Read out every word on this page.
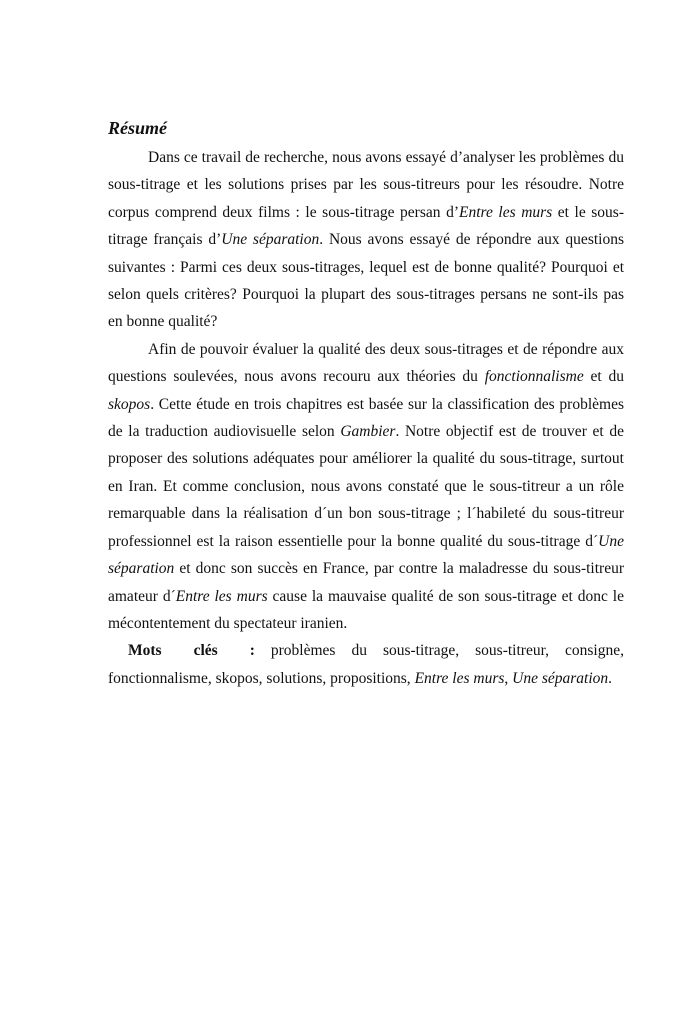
Résumé

Dans ce travail de recherche, nous avons essayé d’analyser les problèmes du sous-titrage et les solutions prises par les sous-titreurs pour les résoudre. Notre corpus comprend deux films : le sous-titrage persan d’Entre les murs et le sous-titrage français d’Une séparation. Nous avons essayé de répondre aux questions suivantes : Parmi ces deux sous-titrages, lequel est de bonne qualité? Pourquoi et selon quels critères? Pourquoi la plupart des sous-titrages persans ne sont-ils pas en bonne qualité?

Afin de pouvoir évaluer la qualité des deux sous-titrages et de répondre aux questions soulevées, nous avons recouru aux théories du fonctionnalisme et du skopos. Cette étude en trois chapitres est basée sur la classification des problèmes de la traduction audiovisuelle selon Gambier. Notre objectif est de trouver et de proposer des solutions adéquates pour améliorer la qualité du sous-titrage, surtout en Iran. Et comme conclusion, nous avons constaté que le sous-titreur a un rôle remarquable dans la réalisation d´un bon sous-titrage ; l´habileté du sous-titreur professionnel est la raison essentielle pour la bonne qualité du sous-titrage d´Une séparation et donc son succès en France, par contre la maladresse du sous-titreur amateur d´Entre les murs cause la mauvaise qualité de son sous-titrage et donc le mécontentement du spectateur iranien.

Mots clés : problèmes du sous-titrage, sous-titreur, consigne, fonctionnalisme, skopos, solutions, propositions, Entre les murs, Une séparation.
